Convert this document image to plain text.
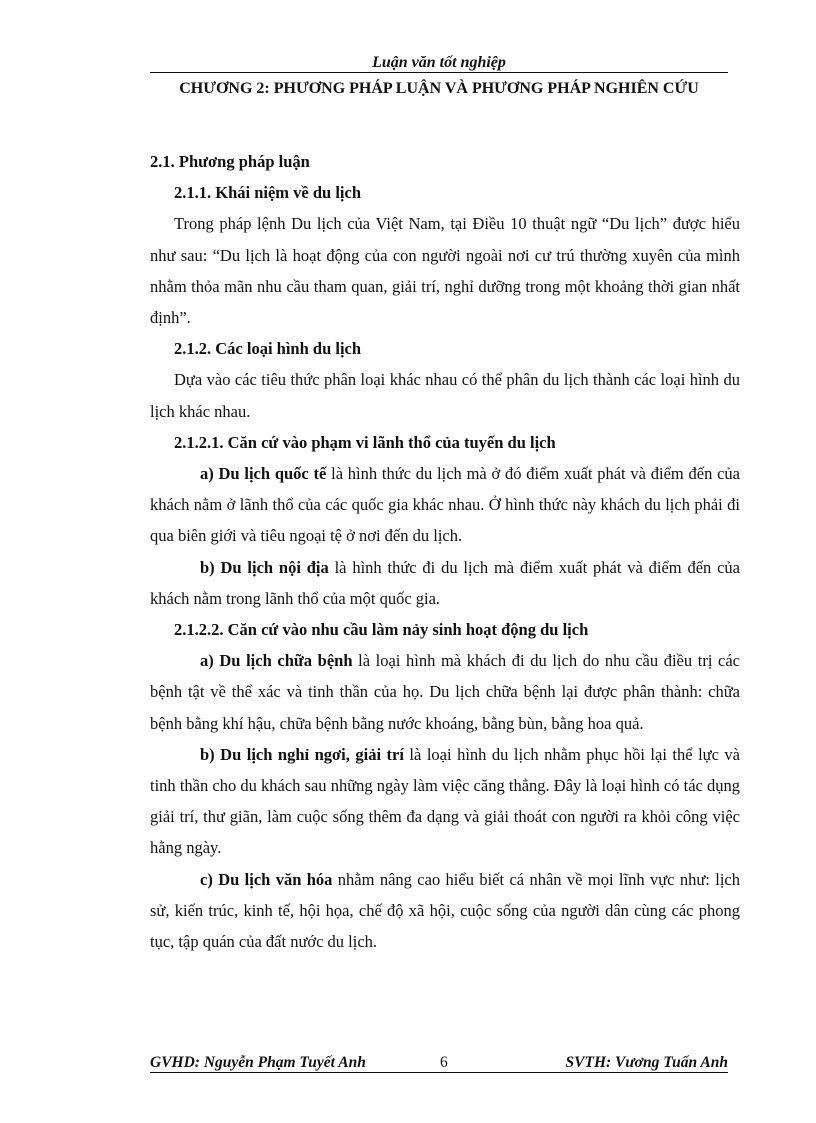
Luận văn tốt nghiệp
CHƯƠNG 2: PHƯƠNG PHÁP LUẬN VÀ PHƯƠNG PHÁP NGHIÊN CỨU

2.1. Phương pháp luận

2.1.1. Khái niệm về du lịch

Trong pháp lệnh Du lịch của Việt Nam, tại Điều 10 thuật ngữ “Du lịch” được hiểu như sau: “Du lịch là hoạt động của con người ngoài nơi cư trú thường xuyên của mình nhằm thỏa mãn nhu cầu tham quan, giải trí, nghỉ dưỡng trong một khoảng thời gian nhất định”.

2.1.2. Các loại hình du lịch

Dựa vào các tiêu thức phân loại khác nhau có thể phân du lịch thành các loại hình du lịch khác nhau.

2.1.2.1. Căn cứ vào phạm vi lãnh thổ của tuyến du lịch

a) Du lịch quốc tế là hình thức du lịch mà ở đó điểm xuất phát và điểm đến của khách nằm ở lãnh thổ của các quốc gia khác nhau. Ở hình thức này khách du lịch phải đi qua biên giới và tiêu ngoại tệ ở nơi đến du lịch.

b) Du lịch nội địa là hình thức đi du lịch mà điểm xuất phát và điểm đến của khách nằm trong lãnh thổ của một quốc gia.

2.1.2.2. Căn cứ vào nhu cầu làm nảy sinh hoạt động du lịch

a) Du lịch chữa bệnh là loại hình mà khách đi du lịch do nhu cầu điều trị các bệnh tật về thể xác và tinh thần của họ. Du lịch chữa bệnh lại được phân thành: chữa bệnh bằng khí hậu, chữa bệnh bằng nước khoáng, bằng bùn, bằng hoa quả.

b) Du lịch nghỉ ngơi, giải trí là loại hình du lịch nhằm phục hồi lại thể lực và tinh thần cho du khách sau những ngày làm việc căng thẳng. Đây là loại hình có tác dụng giải trí, thư giãn, làm cuộc sống thêm đa dạng và giải thoát con người ra khỏi công việc hằng ngày.

c) Du lịch văn hóa nhằm nâng cao hiểu biết cá nhân về mọi lĩnh vực như: lịch sử, kiến trúc, kinh tế, hội họa, chế độ xã hội, cuộc sống của người dân cùng các phong tục, tập quán của đất nước du lịch.

GVHD: Nguyễn Phạm Tuyết Anh	6	SVTH: Vương Tuấn Anh
